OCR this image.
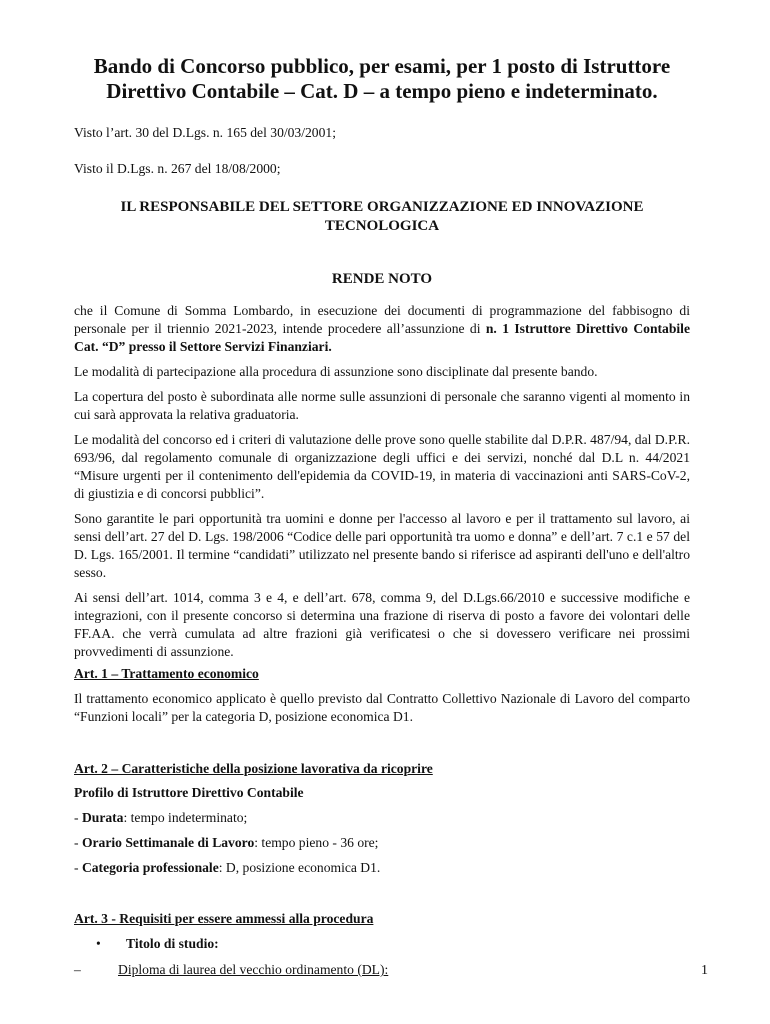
Bando di Concorso pubblico, per esami, per 1 posto di Istruttore Direttivo Contabile – Cat. D – a tempo pieno e indeterminato.

Visto l’art. 30 del D.Lgs. n. 165 del 30/03/2001;

Visto il D.Lgs. n. 267 del 18/08/2000;

IL RESPONSABILE DEL SETTORE ORGANIZZAZIONE ED INNOVAZIONE TECNOLOGICA
RENDE NOTO

che il Comune di Somma Lombardo, in esecuzione dei documenti di programmazione del fabbisogno di personale per il triennio 2021-2023, intende procedere all’assunzione di n. 1 Istruttore Direttivo Contabile Cat. “D” presso il Settore Servizi Finanziari.

Le modalità di partecipazione alla procedura di assunzione sono disciplinate dal presente bando.

La copertura del posto è subordinata alle norme sulle assunzioni di personale che saranno vigenti al momento in cui sarà approvata la relativa graduatoria.

Le modalità del concorso ed i criteri di valutazione delle prove sono quelle stabilite dal D.P.R. 487/94, dal D.P.R. 693/96, dal regolamento comunale di organizzazione degli uffici e dei servizi, nonché dal D.L n. 44/2021 “Misure urgenti per il contenimento dell'epidemia da COVID-19, in materia di vaccinazioni anti SARS-CoV-2, di giustizia e di concorsi pubblici”.

Sono garantite le pari opportunità tra uomini e donne per l'accesso al lavoro e per il trattamento sul lavoro, ai sensi dell’art. 27 del D. Lgs. 198/2006 “Codice delle pari opportunità tra uomo e donna” e dell’art. 7 c.1 e 57 del D. Lgs. 165/2001. Il termine “candidati” utilizzato nel presente bando si riferisce ad aspiranti dell'uno e dell'altro sesso.

Ai sensi dell’art. 1014, comma 3 e 4, e dell’art. 678, comma 9, del D.Lgs.66/2010 e successive modifiche e integrazioni, con il presente concorso si determina una frazione di riserva di posto a favore dei volontari delle FF.AA. che verrà cumulata ad altre frazioni già verificatesi o che si dovessero verificare nei prossimi provvedimenti di assunzione.

Art. 1 – Trattamento economico

Il trattamento economico applicato è quello previsto dal Contratto Collettivo Nazionale di Lavoro del comparto “Funzioni locali” per la categoria D, posizione economica D1.

Art. 2 – Caratteristiche della posizione lavorativa da ricoprire

Profilo di Istruttore Direttivo Contabile

- Durata: tempo indeterminato;

- Orario Settimanale di Lavoro: tempo pieno - 36 ore;

- Categoria professionale: D, posizione economica D1.

Art. 3 - Requisiti per essere ammessi alla procedura

•	Titolo di studio:
–	Diploma di laurea del vecchio ordinamento (DL):	1
